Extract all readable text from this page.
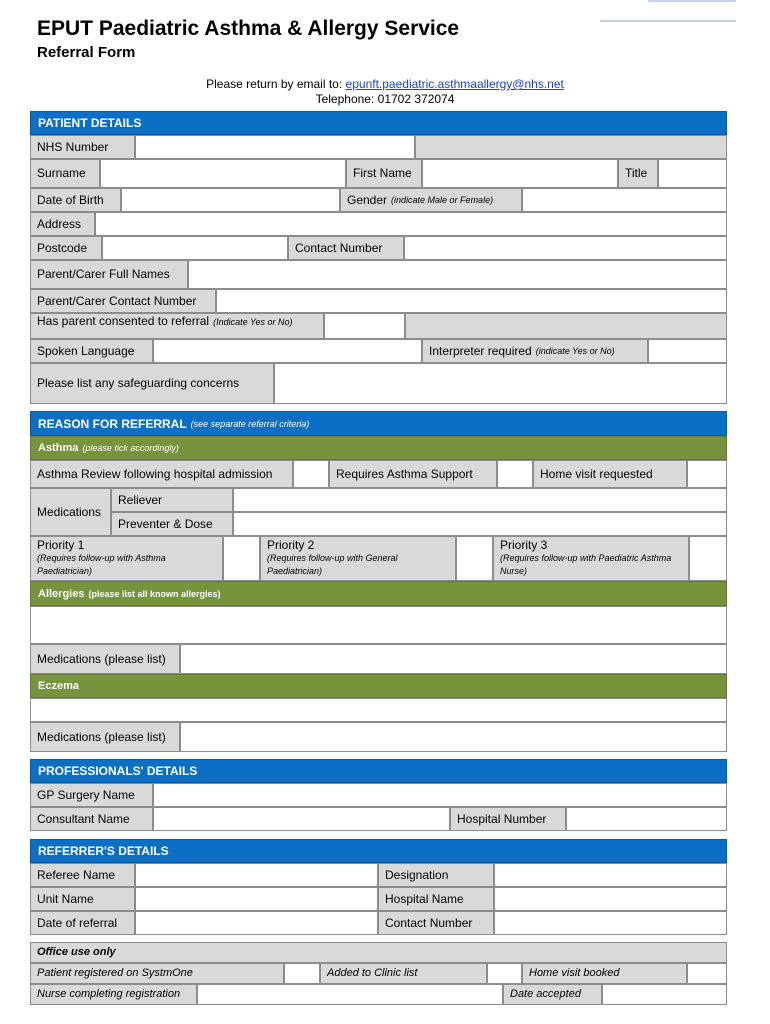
EPUT Paediatric Asthma & Allergy Service
Referral Form
Please return by email to: epunft.paediatric.asthmaallergy@nhs.net
Telephone: 01702 372074
PATIENT DETAILS
NHS Number
Surname	First Name	Title
Date of Birth	Gender (indicate Male or Female)
Address
Postcode	Contact Number
Parent/Carer Full Names
Parent/Carer Contact Number
Has parent consented to referral (Indicate Yes or No)
Spoken Language	Interpreter required (indicate Yes or No)
Please list any safeguarding concerns
REASON FOR REFERRAL (see separate referral criteria)
Asthma (please tick accordingly)
Asthma Review following hospital admission	Requires Asthma Support	Home visit requested
Medications
Reliever
Preventer & Dose
Priority 1
(Requires follow-up with Asthma Paediatrician)
Priority 2
(Requires follow-up with General Paediatrician)
Priority 3
(Requires follow-up with Paediatric Asthma Nurse)
Allergies (please list all known allergies)
Medications (please list)
Eczema
Medications (please list)
PROFESSIONALS' DETAILS
GP Surgery Name
Consultant Name	Hospital Number
REFERRER'S DETAILS
Referee Name	Designation
Unit Name	Hospital Name
Date of referral	Contact Number
Office use only
Patient registered on SystmOne	Added to Clinic list	Home visit booked
Nurse completing registration	Date accepted
